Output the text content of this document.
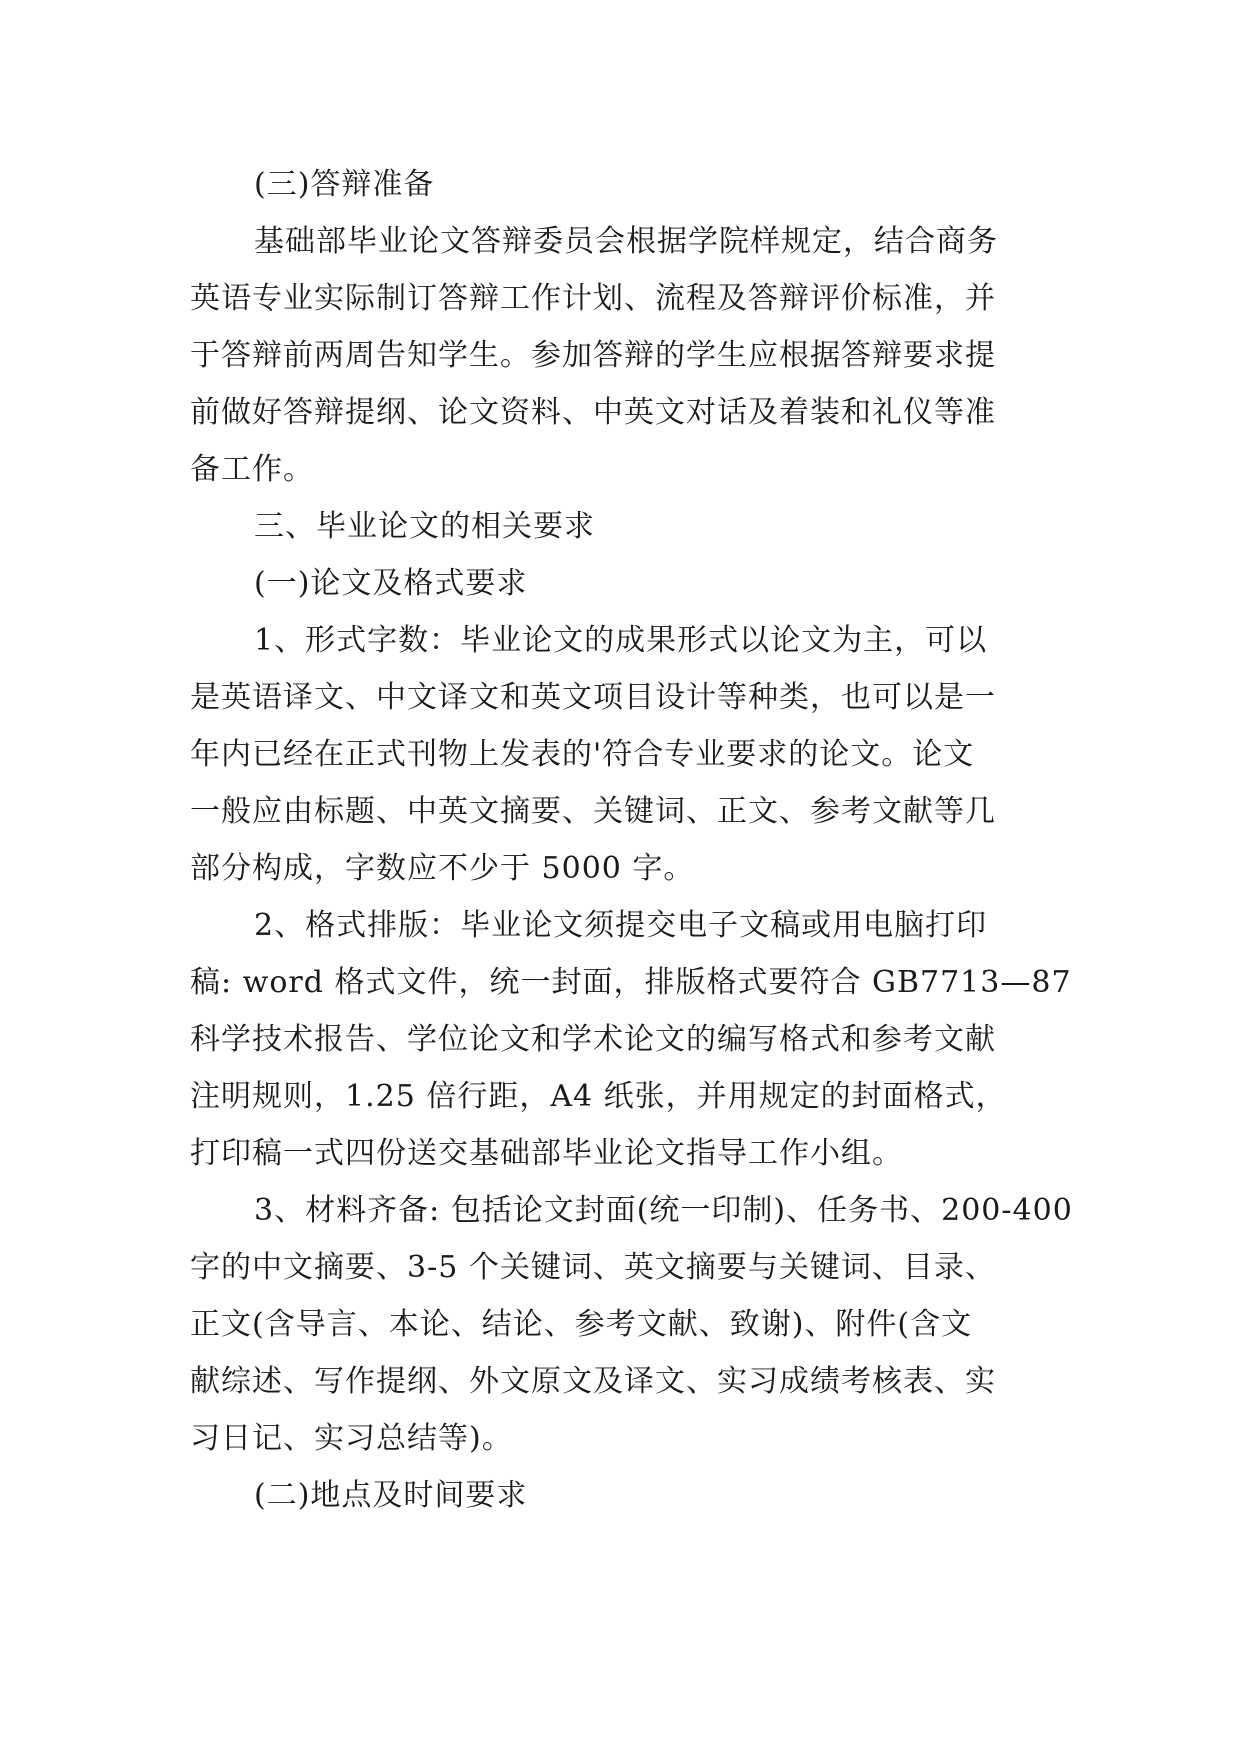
(三)答辩准备
基础部毕业论文答辩委员会根据学院样规定，结合商务
英语专业实际制订答辩工作计划、流程及答辩评价标准，并
于答辩前两周告知学生。参加答辩的学生应根据答辩要求提
前做好答辩提纲、论文资料、中英文对话及着装和礼仪等准
备工作。
三、毕业论文的相关要求
(一)论文及格式要求
1、形式字数：毕业论文的成果形式以论文为主，可以
是英语译文、中文译文和英文项目设计等种类，也可以是一
年内已经在正式刊物上发表的'符合专业要求的论文。论文
一般应由标题、中英文摘要、关键词、正文、参考文献等几
部分构成，字数应不少于 5000 字。
2、格式排版：毕业论文须提交电子文稿或用电脑打印
稿: word 格式文件，统一封面，排版格式要符合 GB7713—87
科学技术报告、学位论文和学术论文的编写格式和参考文献
注明规则，1.25 倍行距，A4 纸张，并用规定的封面格式，
打印稿一式四份送交基础部毕业论文指导工作小组。
3、材料齐备: 包括论文封面(统一印制)、任务书、200-400
字的中文摘要、3-5 个关键词、英文摘要与关键词、目录、
正文(含导言、本论、结论、参考文献、致谢)、附件(含文
献综述、写作提纲、外文原文及译文、实习成绩考核表、实
习日记、实习总结等)。
(二)地点及时间要求
